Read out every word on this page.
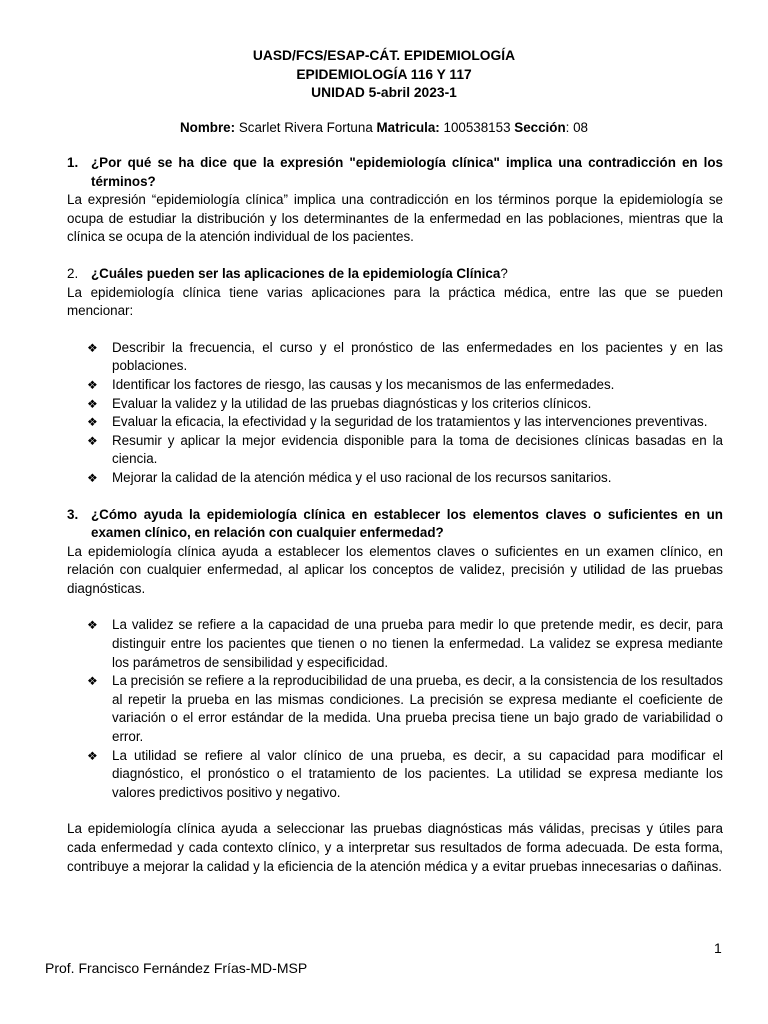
UASD/FCS/ESAP-CÁT. EPIDEMIOLOGÍA
EPIDEMIOLOGÍA 116 Y 117
UNIDAD 5-abril 2023-1
Nombre: Scarlet Rivera Fortuna Matricula: 100538153 Sección: 08
1. ¿Por qué se ha dice que la expresión "epidemiología clínica" implica una contradicción en los términos?

La expresión “epidemiología clínica” implica una contradicción en los términos porque la epidemiología se ocupa de estudiar la distribución y los determinantes de la enfermedad en las poblaciones, mientras que la clínica se ocupa de la atención individual de los pacientes.

2. ¿Cuáles pueden ser las aplicaciones de la epidemiología Clínica?

La epidemiología clínica tiene varias aplicaciones para la práctica médica, entre las que se pueden mencionar:

❖ Describir la frecuencia, el curso y el pronóstico de las enfermedades en los pacientes y en las poblaciones.
❖ Identificar los factores de riesgo, las causas y los mecanismos de las enfermedades.
❖ Evaluar la validez y la utilidad de las pruebas diagnósticas y los criterios clínicos.
❖ Evaluar la eficacia, la efectividad y la seguridad de los tratamientos y las intervenciones preventivas.
❖ Resumir y aplicar la mejor evidencia disponible para la toma de decisiones clínicas basadas en la ciencia.
❖ Mejorar la calidad de la atención médica y el uso racional de los recursos sanitarios.
3. ¿Cómo ayuda la epidemiología clínica en establecer los elementos claves o suficientes en un examen clínico, en relación con cualquier enfermedad?

La epidemiología clínica ayuda a establecer los elementos claves o suficientes en un examen clínico, en relación con cualquier enfermedad, al aplicar los conceptos de validez, precisión y utilidad de las pruebas diagnósticas.

❖ La validez se refiere a la capacidad de una prueba para medir lo que pretende medir, es decir, para distinguir entre los pacientes que tienen o no tienen la enfermedad. La validez se expresa mediante los parámetros de sensibilidad y especificidad.
❖ La precisión se refiere a la reproducibilidad de una prueba, es decir, a la consistencia de los resultados al repetir la prueba en las mismas condiciones. La precisión se expresa mediante el coeficiente de variación o el error estándar de la medida. Una prueba precisa tiene un bajo grado de variabilidad o error.
❖ La utilidad se refiere al valor clínico de una prueba, es decir, a su capacidad para modificar el diagnóstico, el pronóstico o el tratamiento de los pacientes. La utilidad se expresa mediante los valores predictivos positivo y negativo.

La epidemiología clínica ayuda a seleccionar las pruebas diagnósticas más válidas, precisas y útiles para cada enfermedad y cada contexto clínico, y a interpretar sus resultados de forma adecuada. De esta forma, contribuye a mejorar la calidad y la eficiencia de la atención médica y a evitar pruebas innecesarias o dañinas.

1
Prof. Francisco Fernández Frías-MD-MSP
